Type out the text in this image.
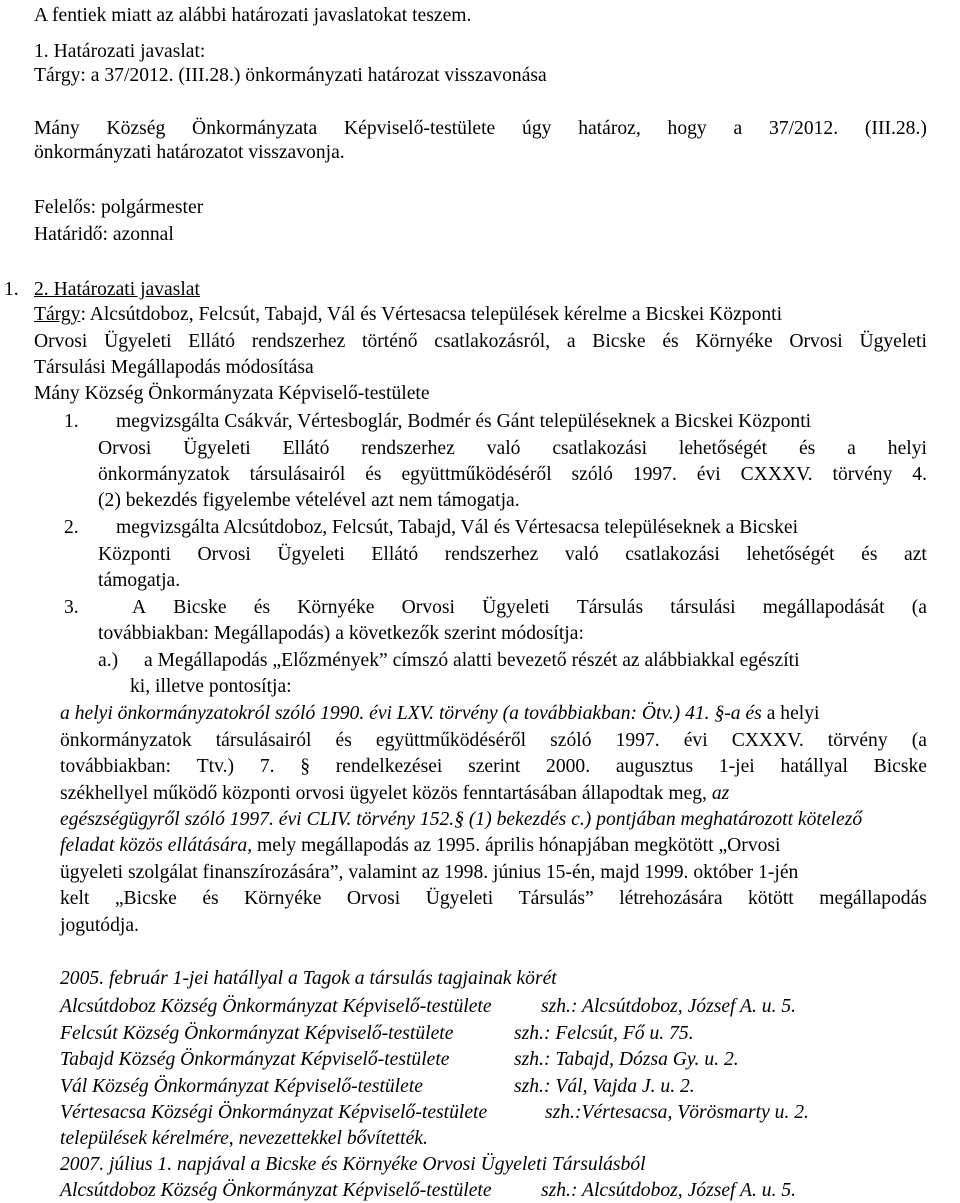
A fentiek miatt az alábbi határozati javaslatokat teszem.
1. Határozati javaslat:
Tárgy: a 37/2012. (III.28.) önkormányzati határozat visszavonása
Mány Község Önkormányzata Képviselő-testülete úgy határoz, hogy a 37/2012. (III.28.)
önkormányzati határozatot visszavonja.
Felelős: polgármester
Határidő: azonnal
1. 2. Határozati javaslat
Tárgy: Alcsútdoboz, Felcsút, Tabajd, Vál és Vértesacsa települések kérelme a Bicskei Központi
Orvosi Ügyeleti Ellátó rendszerhez történő csatlakozásról, a Bicske és Környéke Orvosi Ügyeleti
Társulási Megállapodás módosítása
Mány Község Önkormányzata Képviselő-testülete
1. megvizsgálta Csákvár, Vértesboglár, Bodmér és Gánt településeknek a Bicskei Központi
Orvosi Ügyeleti Ellátó rendszerhez való csatlakozási lehetőségét és a helyi
önkormányzatok társulásairól és együttműködéséről szóló 1997. évi CXXXV. törvény 4.
(2) bekezdés figyelembe vételével azt nem támogatja.
2. megvizsgálta Alcsútdoboz, Felcsút, Tabajd, Vál és Vértesacsa településeknek a Bicskei
Központi Orvosi Ügyeleti Ellátó rendszerhez való csatlakozási lehetőségét és azt
támogatja.
3.	A Bicske és Környéke Orvosi Ügyeleti Társulás társulási megállapodását (a
továbbiakban: Megállapodás) a következők szerint módosítja:
a.) a Megállapodás „Előzmények” címszó alatti bevezető részét az alábbiakkal egészíti
ki, illetve pontosítja:
a helyi önkormányzatokról szóló 1990. évi LXV. törvény (a továbbiakban: Ötv.) 41. §-a és a helyi
önkormányzatok társulásairól és együttműködéséről szóló 1997. évi CXXXV. törvény (a
továbbiakban: Ttv.) 7. § rendelkezései szerint 2000. augusztus 1-jei hatállyal Bicske
székhellyel működő központi orvosi ügyelet közös fenntartásában állapodtak meg, az
egészségügyről szóló 1997. évi CLIV. törvény 152.§ (1) bekezdés c.) pontjában meghatározott kötelező
feladat közös ellátására, mely megállapodás az 1995. április hónapjában megkötött „Orvosi
ügyeleti szolgálat finanszírozására”, valamint az 1998. június 15-én, majd 1999. október 1-jén
kelt „Bicske és Környéke Orvosi Ügyeleti Társulás” létrehozására kötött megállapodás
jogutódja.
2005. február 1-jei hatállyal a Tagok a társulás tagjainak körét
Alcsútdoboz Község Önkormányzat Képviselő-testülete	szh.: Alcsútdoboz, József A. u. 5.
Felcsút Község Önkormányzat Képviselő-testülete	szh.: Felcsút, Fő u. 75.
Tabajd Község Önkormányzat Képviselő-testülete	szh.: Tabajd, Dózsa Gy. u. 2.
Vál Község Önkormányzat Képviselő-testülete	szh.: Vál, Vajda J. u. 2.
Vértesacsa Községi Önkormányzat Képviselő-testülete	szh.:Vértesacsa, Vörösmarty u. 2.
települések kérelmére, nevezettekkel bővítették.
2007. július 1. napjával a Bicske és Környéke Orvosi Ügyeleti Társulásból
Alcsútdoboz Község Önkormányzat Képviselő-testülete	szh.: Alcsútdoboz, József A. u. 5.
